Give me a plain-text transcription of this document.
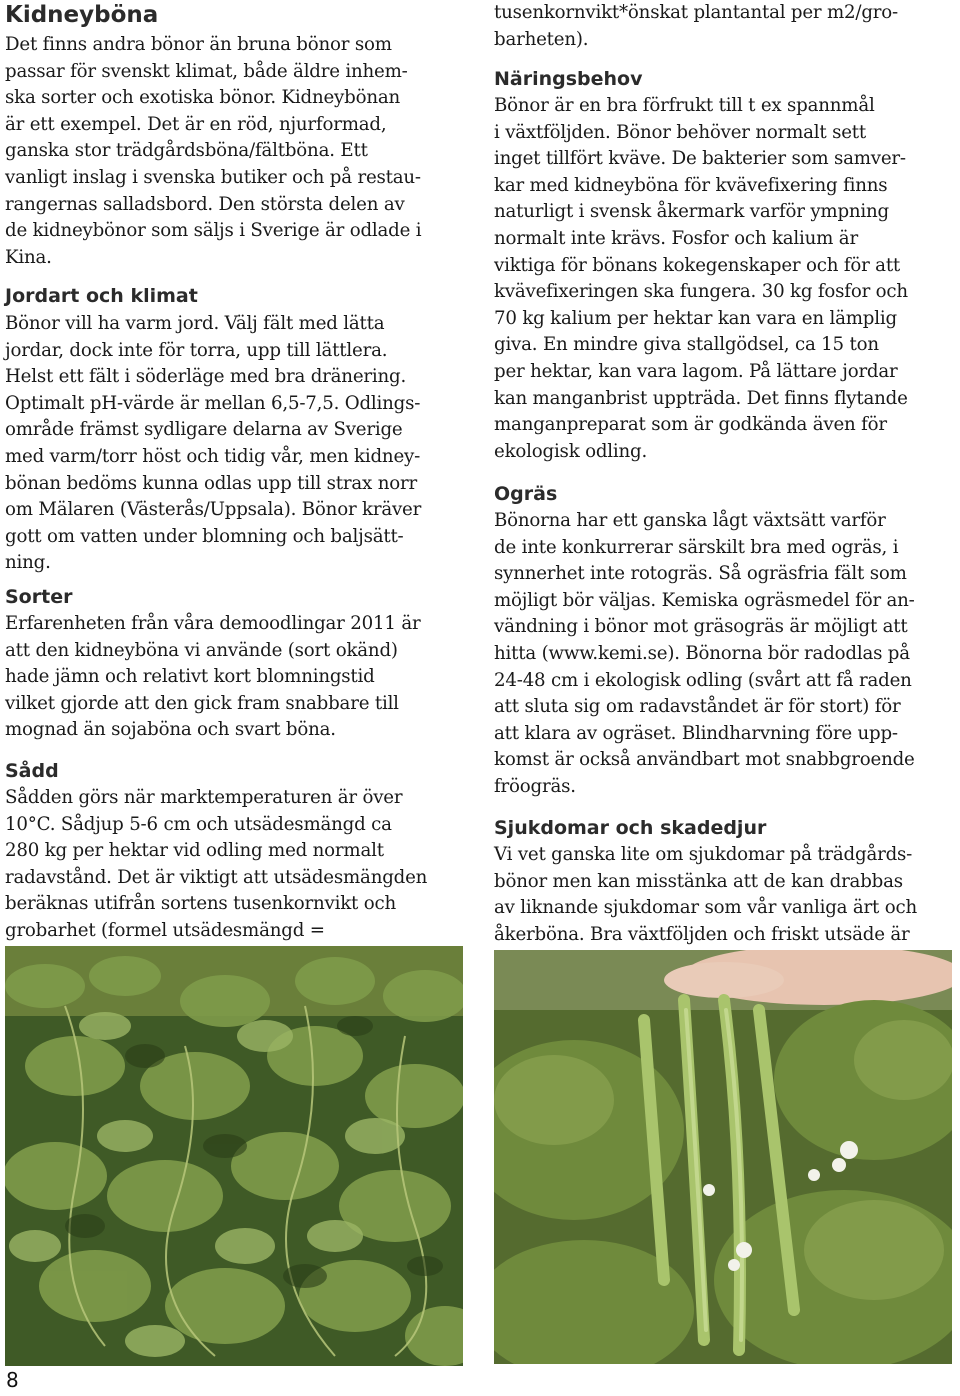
Kidneyböna

Det finns andra bönor än bruna bönor som
passar för svenskt klimat, både äldre inhem-
ska sorter och exotiska bönor. Kidneybönan
är ett exempel. Det är en röd, njurformad,
ganska stor trädgårdsböna/fältböna. Ett
vanligt inslag i svenska butiker och på restau-
rangernas salladsbord. Den största delen av
de kidneybönor som säljs i Sverige är odlade i
Kina.

Jordart och klimat

Bönor vill ha varm jord. Välj fält med lätta
jordar, dock inte för torra, upp till lättlera.
Helst ett fält i söderläge med bra dränering.
Optimalt pH-värde är mellan 6,5-7,5. Odlings-
område främst sydligare delarna av Sverige
med varm/torr höst och tidig vår, men kidney-
bönan bedöms kunna odlas upp till strax norr
om Mälaren (Västerås/Uppsala). Bönor kräver
gott om vatten under blomning och baljsätt-
ning.

Sorter

Erfarenheten från våra demoodlingar 2011 är
att den kidneyböna vi använde (sort okänd)
hade jämn och relativt kort blomningstid
vilket gjorde att den gick fram snabbare till
mognad än sojaböna och svart böna.

Sådd

Sådden görs när marktemperaturen är över
10°C. Sådjup 5-6 cm och utsädesmängd ca
280 kg per hektar vid odling med normalt
radavstånd. Det är viktigt att utsädesmängden
beräknas utifrån sortens tusenkornvikt och
grobarhet (formel utsädesmängd =

tusenkornvikt*önskat plantantal per m2/gro-
barheten).

Näringsbehov

Bönor är en bra förfrukt till t ex spannmål
i växtföljden. Bönor behöver normalt sett
inget tillfört kväve. De bakterier som samver-
kar med kidneyböna för kvävefixering finns
naturligt i svensk åkermark varför ympning
normalt inte krävs. Fosfor och kalium är
viktiga för bönans kokegenskaper och för att
kvävefixeringen ska fungera. 30 kg fosfor och
70 kg kalium per hektar kan vara en lämplig
giva. En mindre giva stallgödsel, ca 15 ton
per hektar, kan vara lagom. På lättare jordar
kan manganbrist uppträda. Det finns flytande
manganpreparat som är godkända även för
ekologisk odling.

Ogräs

Bönorna har ett ganska lågt växtsätt varför
de inte konkurrerar särskilt bra med ogräs, i
synnerhet inte rotogräs. Så ogräsfria fält som
möjligt bör väljas. Kemiska ogräsmedel för an-
vändning i bönor mot gräsogräs är möjligt att
hitta (www.kemi.se). Bönorna bör radodlas på
24-48 cm i ekologisk odling (svårt att få raden
att sluta sig om radavståndet är för stort) för
att klara av ogräset. Blindharvning före upp-
komst är också användbart mot snabbgroende
fröogräs.

Sjukdomar och skadedjur

Vi vet ganska lite om sjukdomar på trädgårds-
bönor men kan misstänka att de kan drabbas
av liknande sjukdomar som vår vanliga ärt och
åkerböna. Bra växtföljden och friskt utsäde är

8
